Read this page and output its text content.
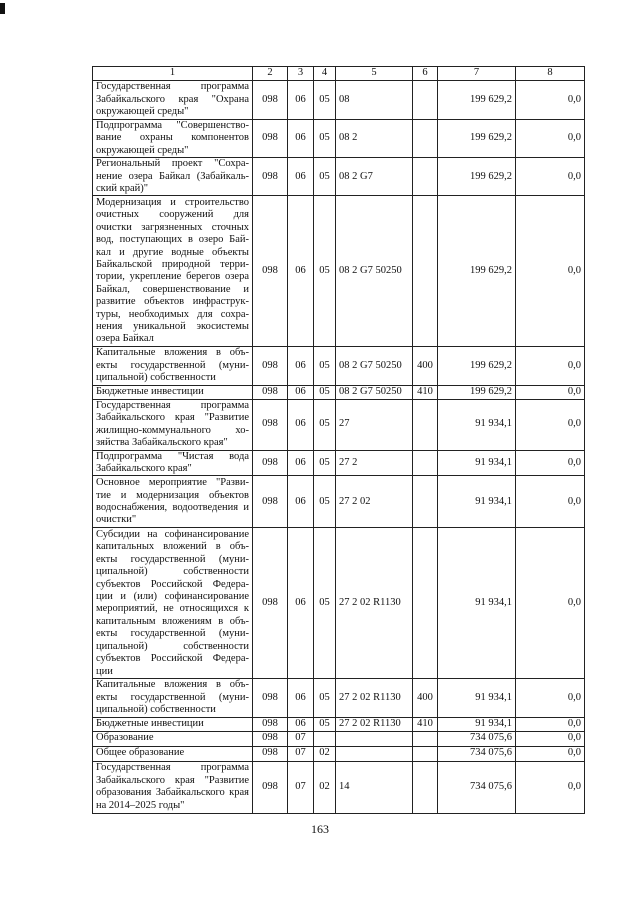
1	2	3	4	5	6	7	8
Государственная программа Забайкальского края "Охрана окружающей среды"	098	06	05	08		199 629,2	0,0
Подпрограмма "Совершенство-вание охраны компонентов окружающей среды"	098	06	05	08 2		199 629,2	0,0
Региональный проект "Сохра-нение озера Байкал (Забайкаль-ский край)"	098	06	05	08 2 G7		199 629,2	0,0
Модернизация и строительство очистных сооружений для очистки загрязненных сточных вод, поступающих в озеро Бай-кал и другие водные объекты Байкальской природной терри-тории, укрепление берегов озера Байкал, совершенствование и развитие объектов инфраструк-туры, необходимых для сохра-нения уникальной экосистемы озера Байкал	098	06	05	08 2 G7 50250		199 629,2	0,0
Капитальные вложения в объ-екты государственной (муни-ципальной) собственности	098	06	05	08 2 G7 50250	400	199 629,2	0,0
Бюджетные инвестиции	098	06	05	08 2 G7 50250	410	199 629,2	0,0
Государственная программа Забайкальского края "Развитие жилищно-коммунального хо-зяйства Забайкальского края"	098	06	05	27		91 934,1	0,0
Подпрограмма "Чистая вода Забайкальского края"	098	06	05	27 2		91 934,1	0,0
Основное мероприятие "Разви-тие и модернизация объектов водоснабжения, водоотведения и очистки"	098	06	05	27 2 02		91 934,1	0,0
Субсидии на софинансирование капитальных вложений в объ-екты государственной (муни-ципальной) собственности субъектов Российской Федера-ции и (или) софинансирование мероприятий, не относящихся к капитальным вложениям в объ-екты государственной (муни-ципальной) собственности субъектов Российской Федера-ции	098	06	05	27 2 02 R1130		91 934,1	0,0
Капитальные вложения в объ-екты государственной (муни-ципальной) собственности	098	06	05	27 2 02 R1130	400	91 934,1	0,0
Бюджетные инвестиции	098	06	05	27 2 02 R1130	410	91 934,1	0,0
Образование	098	07				734 075,6	0,0
Общее образование	098	07	02			734 075,6	0,0
Государственная программа Забайкальского края "Развитие образования Забайкальского края на 2014–2025 годы"	098	07	02	14		734 075,6	0,0
163
